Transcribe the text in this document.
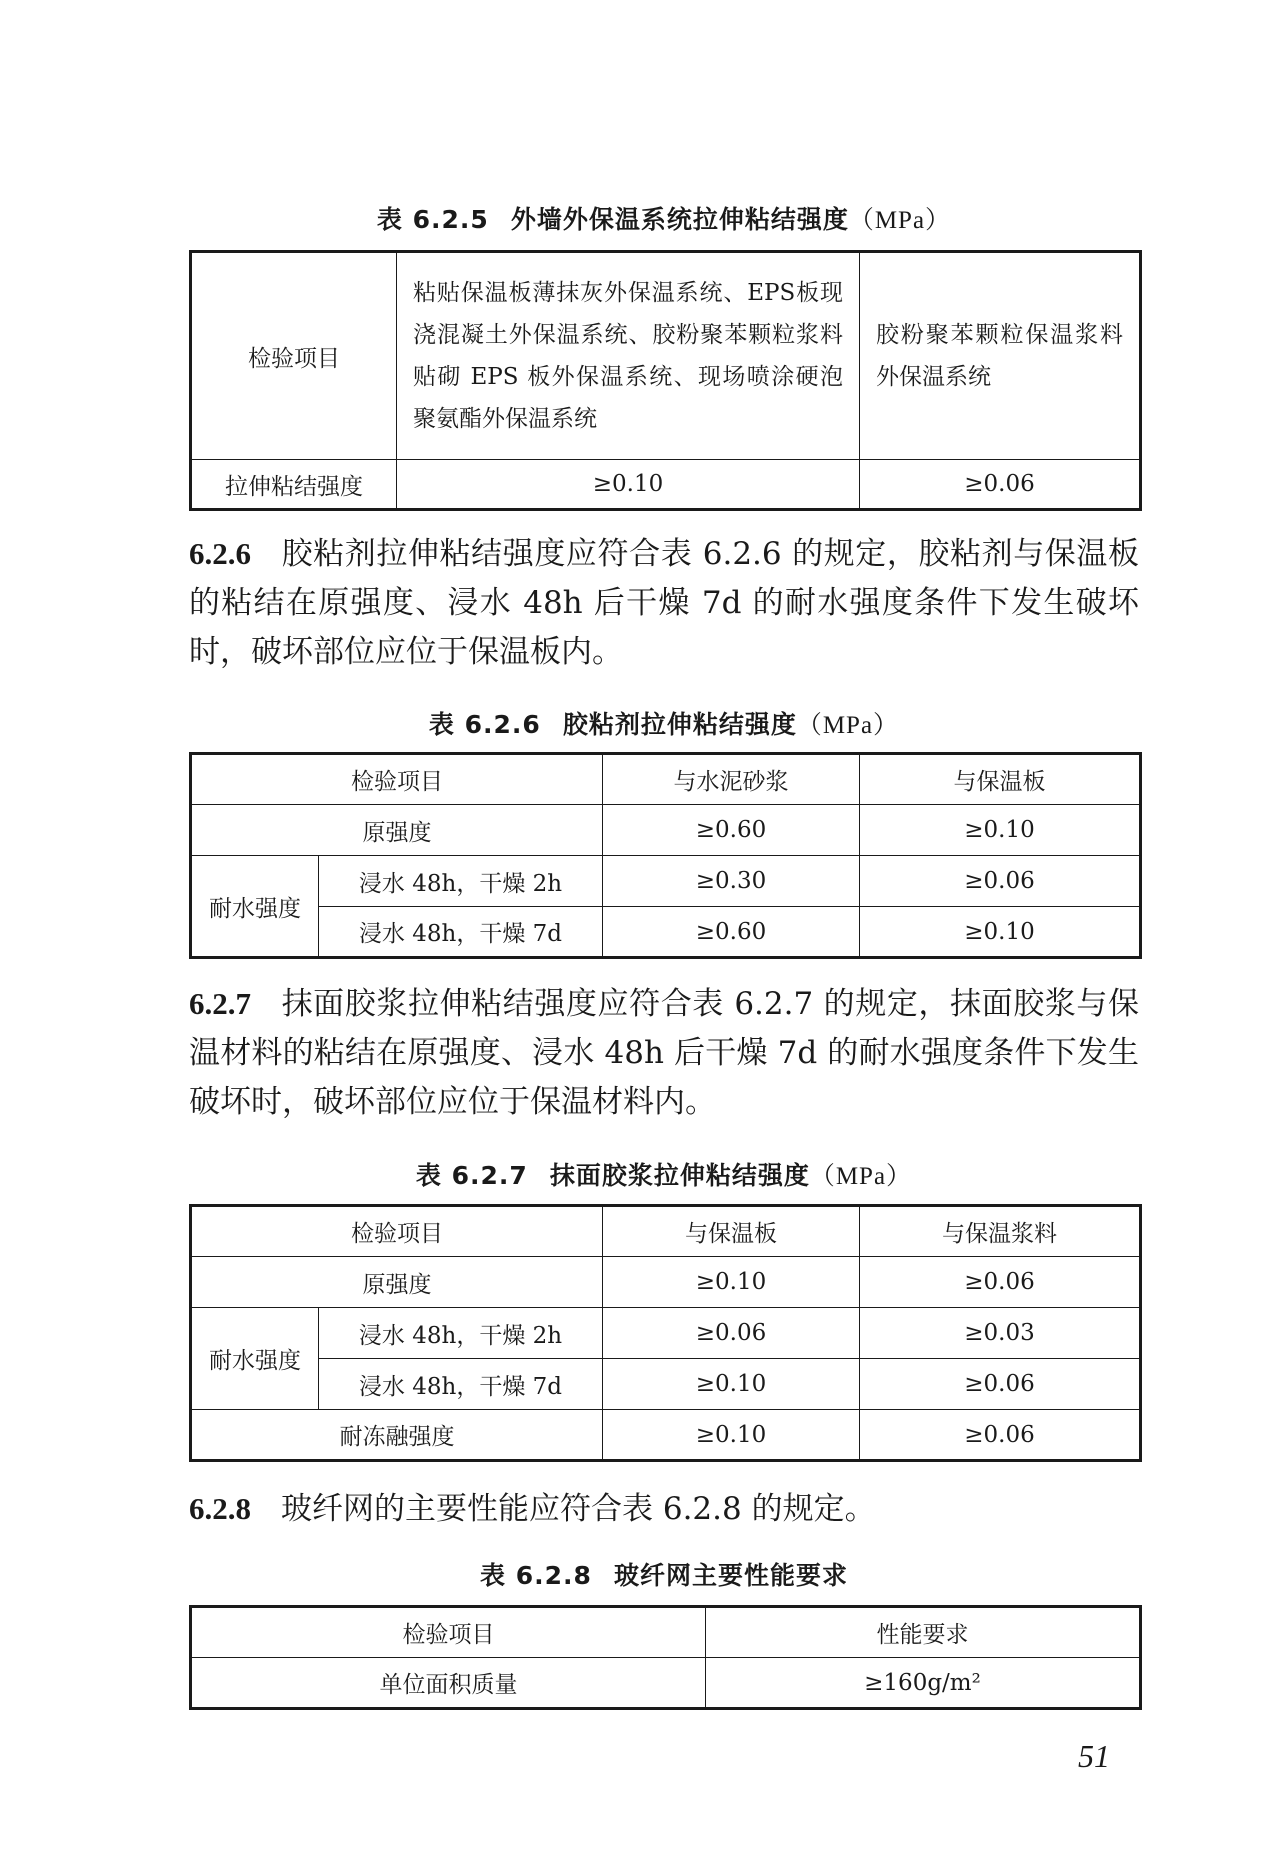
表 6.2.5 外墙外保温系统拉伸粘结强度（MPa）
检验项目	粘贴保温板薄抹灰外保温系统、EPS板现浇混凝土外保温系统、胶粉聚苯颗粒浆料贴砌 EPS 板外保温系统、现场喷涂硬泡聚氨酯外保温系统	胶粉聚苯颗粒保温浆料外保温系统
拉伸粘结强度	≥0.10	≥0.06

6.2.6 胶粘剂拉伸粘结强度应符合表 6.2.6 的规定，胶粘剂与保温板的粘结在原强度、浸水 48h 后干燥 7d 的耐水强度条件下发生破坏时，破坏部位应位于保温板内。

表 6.2.6 胶粘剂拉伸粘结强度（MPa）
检验项目		与水泥砂浆	与保温板
原强度		≥0.60	≥0.10
耐水强度	浸水 48h，干燥 2h	≥0.30	≥0.06
	浸水 48h，干燥 7d	≥0.60	≥0.10

6.2.7 抹面胶浆拉伸粘结强度应符合表 6.2.7 的规定，抹面胶浆与保温材料的粘结在原强度、浸水 48h 后干燥 7d 的耐水强度条件下发生破坏时，破坏部位应位于保温材料内。

表 6.2.7 抹面胶浆拉伸粘结强度（MPa）
检验项目		与保温板	与保温浆料
原强度		≥0.10	≥0.06
耐水强度	浸水 48h，干燥 2h	≥0.06	≥0.03
	浸水 48h，干燥 7d	≥0.10	≥0.06
耐冻融强度		≥0.10	≥0.06

6.2.8 玻纤网的主要性能应符合表 6.2.8 的规定。

表 6.2.8 玻纤网主要性能要求
检验项目	性能要求
单位面积质量	≥160g/m²
51
